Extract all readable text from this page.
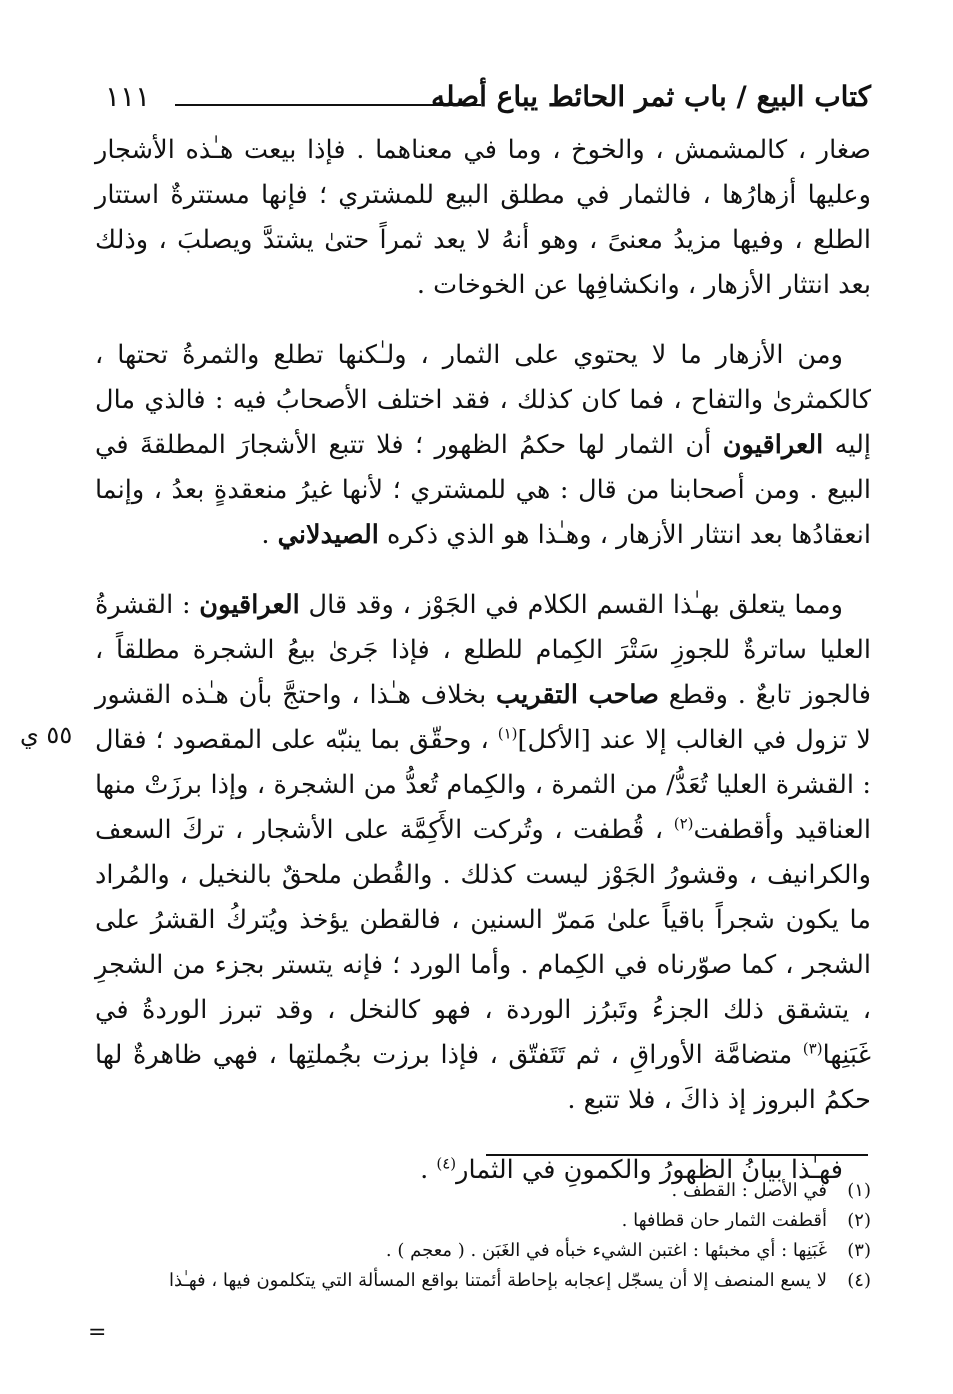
كتاب البيع / باب ثمر الحائط يباع أصله
١١١

صغار ، كالمشمش ، والخوخ ، وما في معناهما . فإذا بيعت هـٰذه الأشجار وعليها أزهارُها ، فالثمار في مطلق البيع للمشتري ؛ فإنها مستترةٌ استتار الطلع ، وفيها مزيدُ معنىً ، وهو أنهُ لا يعد ثمراً حتىٰ يشتدَّ ويصلبَ ، وذلك بعد انتثار الأزهار ، وانكشافِها عن الخوخات .

ومن الأزهار ما لا يحتوي على الثمار ، ولـٰكنها تطلع والثمرةُ تحتها ، كالكمثرىٰ والتفاح ، فما كان كذلك ، فقد اختلف الأصحابُ فيه : فالذي مال إليه العراقيون أن الثمار لها حكمُ الظهور ؛ فلا تتبع الأشجارَ المطلقةَ في البيع . ومن أصحابنا من قال : هي للمشتري ؛ لأنها غيرُ منعقدةٍ بعدُ ، وإنما انعقادُها بعد انتثار الأزهار ، وهـٰذا هو الذي ذكره الصيدلاني .

ومما يتعلق بهـٰذا القسم الكلام في الجَوْز ، وقد قال العراقيون : القشرةُ العليا ساترةٌ للجوزِ سَتْرَ الكِمام للطلع ، فإذا جَرىٰ بيعُ الشجرة مطلقاً ، فالجوز تابعٌ . وقطع صاحب التقريب بخلاف هـٰذا ، واحتجَّ بأن هـٰذه القشور لا تزول في الغالب إلا عند [الأكل]$^{(١)}$ ، وحقّق بما ينبّه على المقصود ؛ فقال : القشرة العليا تُعَدُّ/ من الثمرة ، والكِمام تُعدُّ من الشجرة ، وإذا برزَتْ منها العناقيد وأقطفت$^{(٢)}$ ، قُطفت ، وتُركت الأَكِمَّة على الأشجار ، تركَ السعف والكرانيف ، وقشورُ الجَوْز ليست كذلك . والقُطن ملحقٌ بالنخيل ، والمُراد ما يكون شجراً باقياً علىٰ مَمرّ السنين ، فالقطن يؤخذ ويُتركُ القشرُ على الشجر ، كما صوّرناه في الكِمام . وأما الورد ؛ فإنه يتستر بجزء من الشجرِ ، يتشقق ذلك الجزءُ وتَبرُز الوردة ، فهو كالنخل ، وقد تبرز الوردةُ في غَبَنِها$^{(٣)}$ متضامَّة الأوراقِ ، ثم تَتَفتّق ، فإذا برزت بجُملتِها ، فهي ظاهرةٌ لها حكمُ البروز إذ ذاكَ ، فلا تتبع .

فهـٰذا بيانُ الظهورُ والكمونِ في الثمار$^{(٤)}$ .

٥٥ ي
(١)
في الأصل : القطف .
(٢)
أقطفت الثمار حان قطافها .
(٣)
غَبَنِها : أي مخبئها : اغتبن الشيء خبأه في الغَبَن . ( معجم ) .
(٤)
لا يسع المنصف إلا أن يسجّل إعجابه بإحاطة أئمتنا بواقع المسألة التي يتكلمون فيها ، فهـٰذا
=
